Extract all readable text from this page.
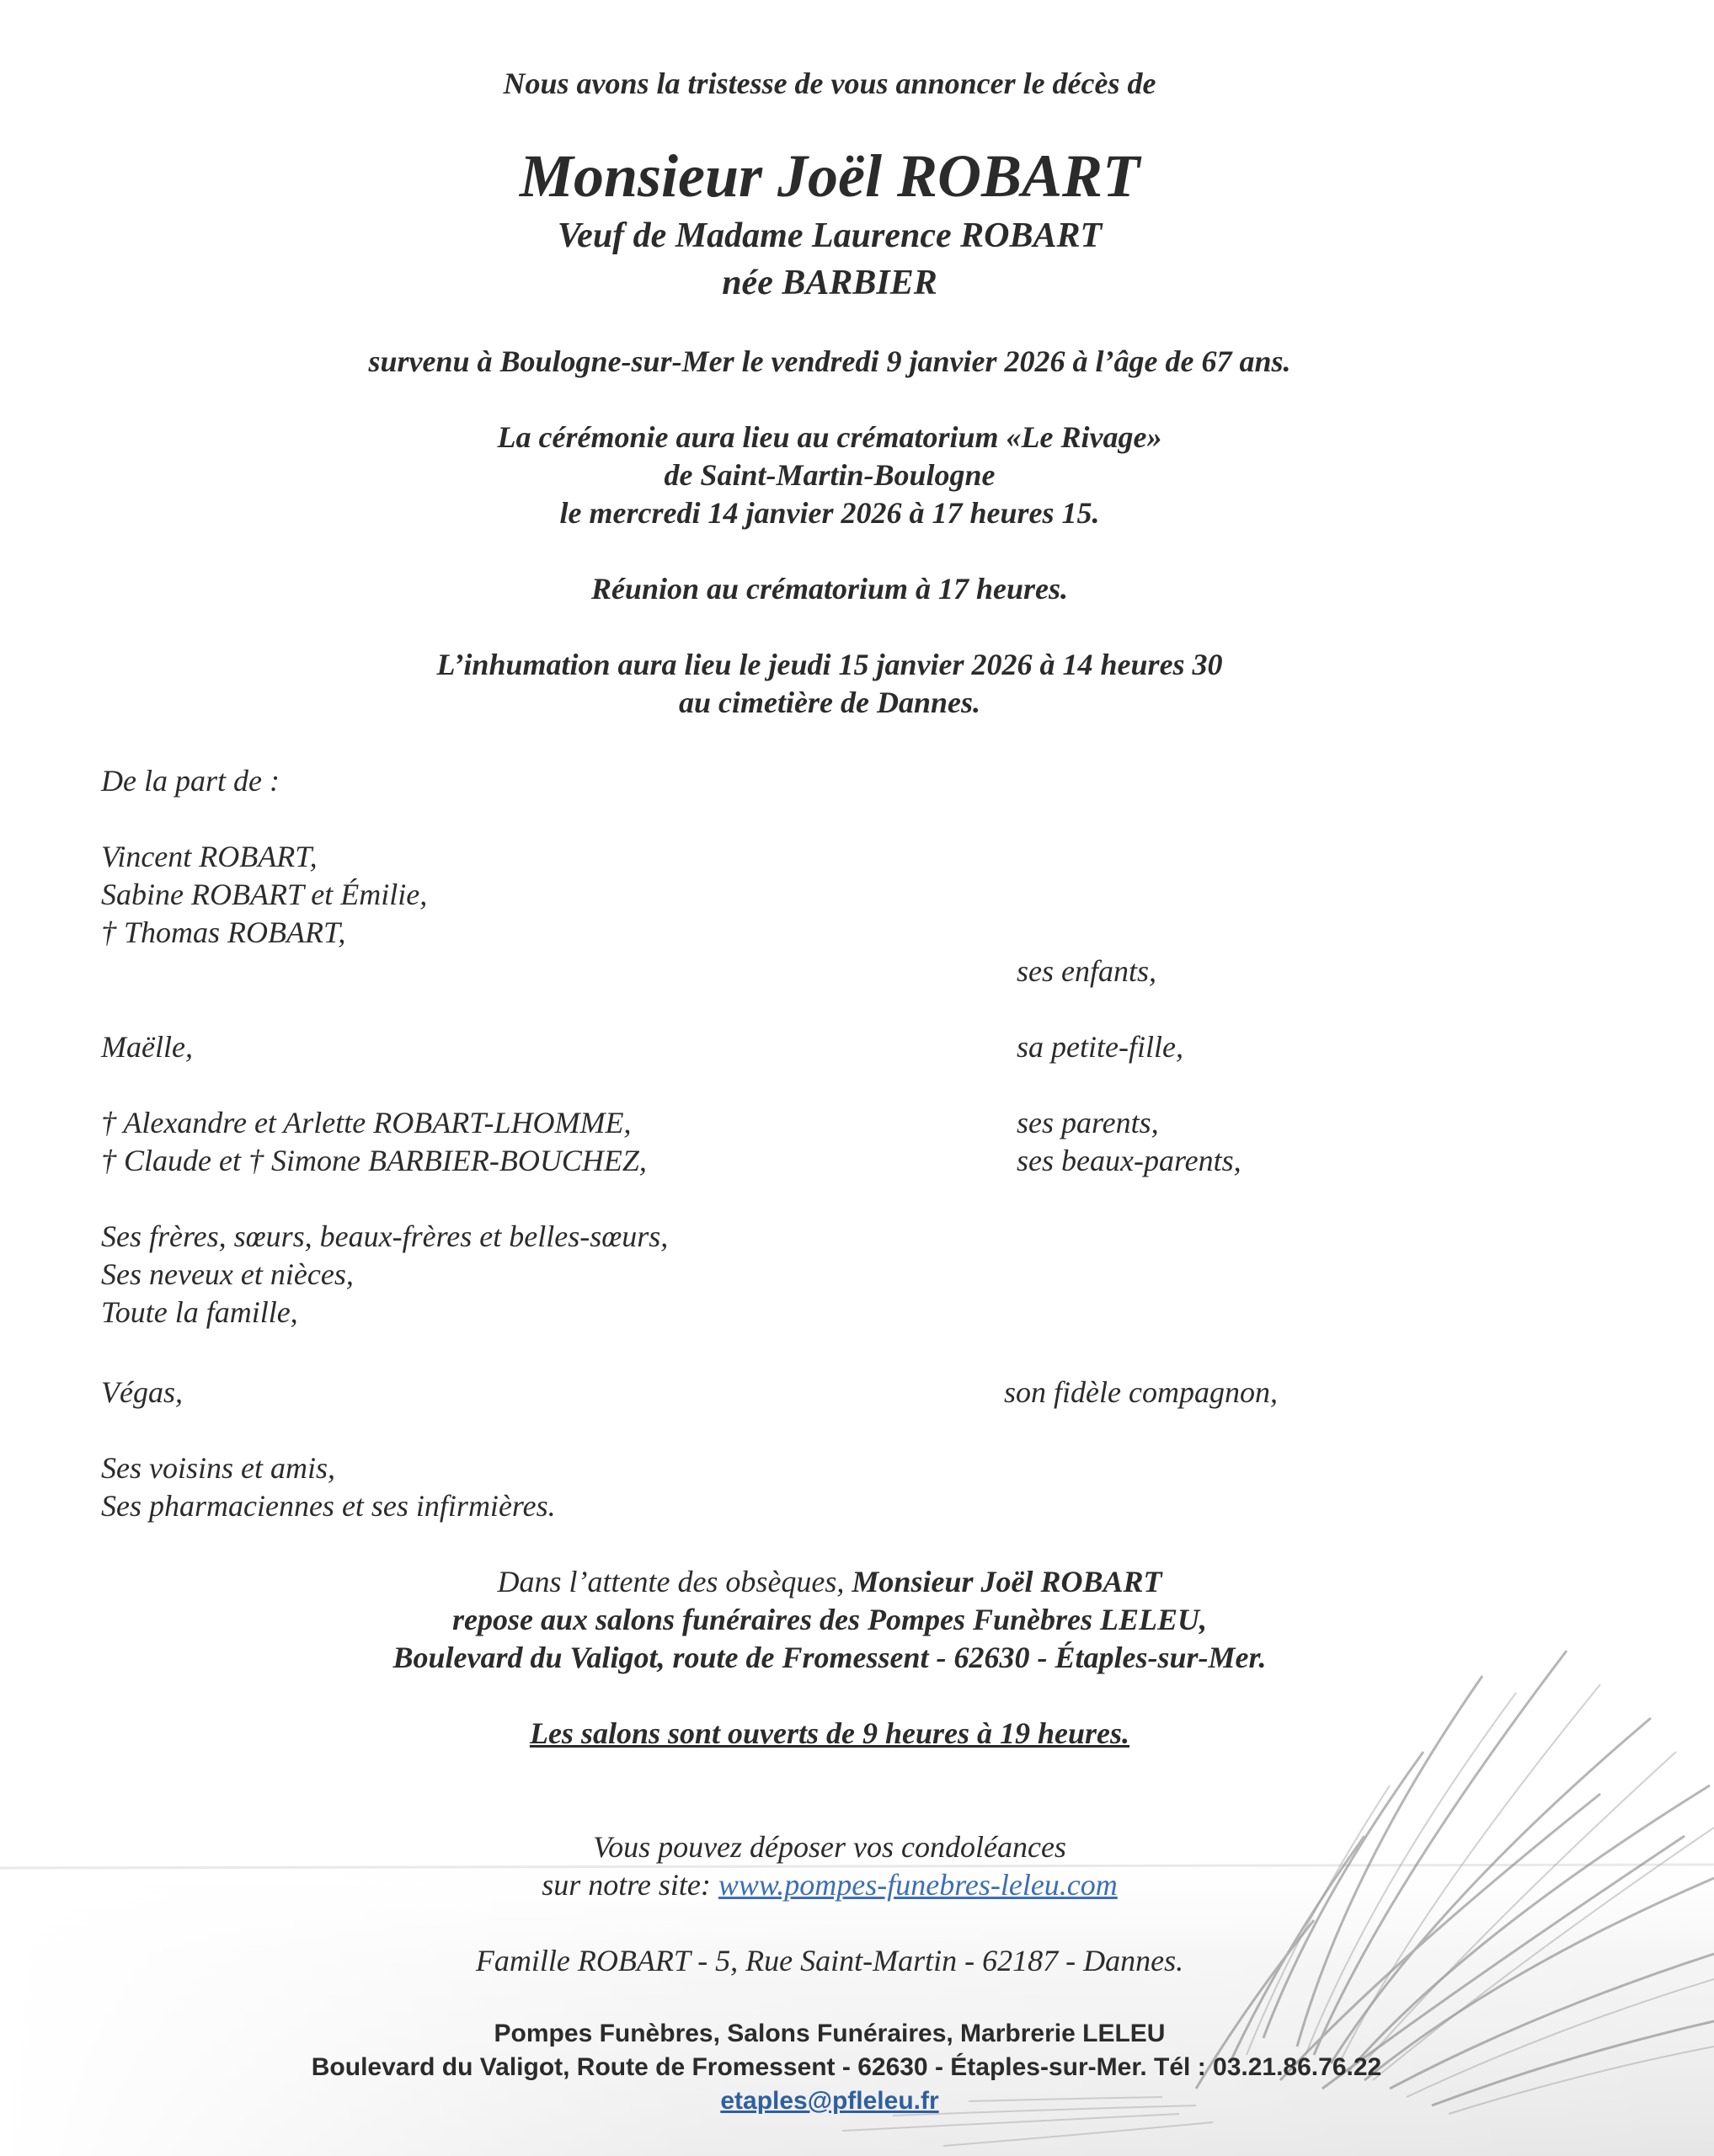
Nous avons la tristesse de vous annoncer le décès de
Monsieur Joël ROBART
Veuf de Madame Laurence ROBART
née BARBIER
survenu à Boulogne-sur-Mer le vendredi 9 janvier 2026 à l’âge de 67 ans.
La cérémonie aura lieu au crématorium «Le Rivage»
de Saint-Martin-Boulogne
le mercredi 14 janvier 2026 à 17 heures 15.
Réunion au crématorium à 17 heures.
L’inhumation aura lieu le jeudi 15 janvier 2026 à 14 heures 30
au cimetière de Dannes.
De la part de :
Vincent ROBART,
Sabine ROBART et Émilie,
† Thomas ROBART,
ses enfants,
Maëlle,	sa petite-fille,
† Alexandre et Arlette ROBART-LHOMME,	ses parents,
† Claude et † Simone BARBIER-BOUCHEZ,	ses beaux-parents,
Ses frères, sœurs, beaux-frères et belles-sœurs,
Ses neveux et nièces,
Toute la famille,
Végas,	son fidèle compagnon,
Ses voisins et amis,
Ses pharmaciennes et ses infirmières.
Dans l’attente des obsèques, Monsieur Joël ROBART
repose aux salons funéraires des Pompes Funèbres LELEU,
Boulevard du Valigot, route de Fromessent - 62630 - Étaples-sur-Mer.
Les salons sont ouverts de 9 heures à 19 heures.
Vous pouvez déposer vos condoléances
sur notre site: www.pompes-funebres-leleu.com
Famille ROBART - 5, Rue Saint-Martin - 62187 - Dannes.
Pompes Funèbres, Salons Funéraires, Marbrerie LELEU
Boulevard du Valigot, Route de Fromessent - 62630 - Étaples-sur-Mer. Tél : 03.21.86.76.22
etaples@pfleleu.fr
